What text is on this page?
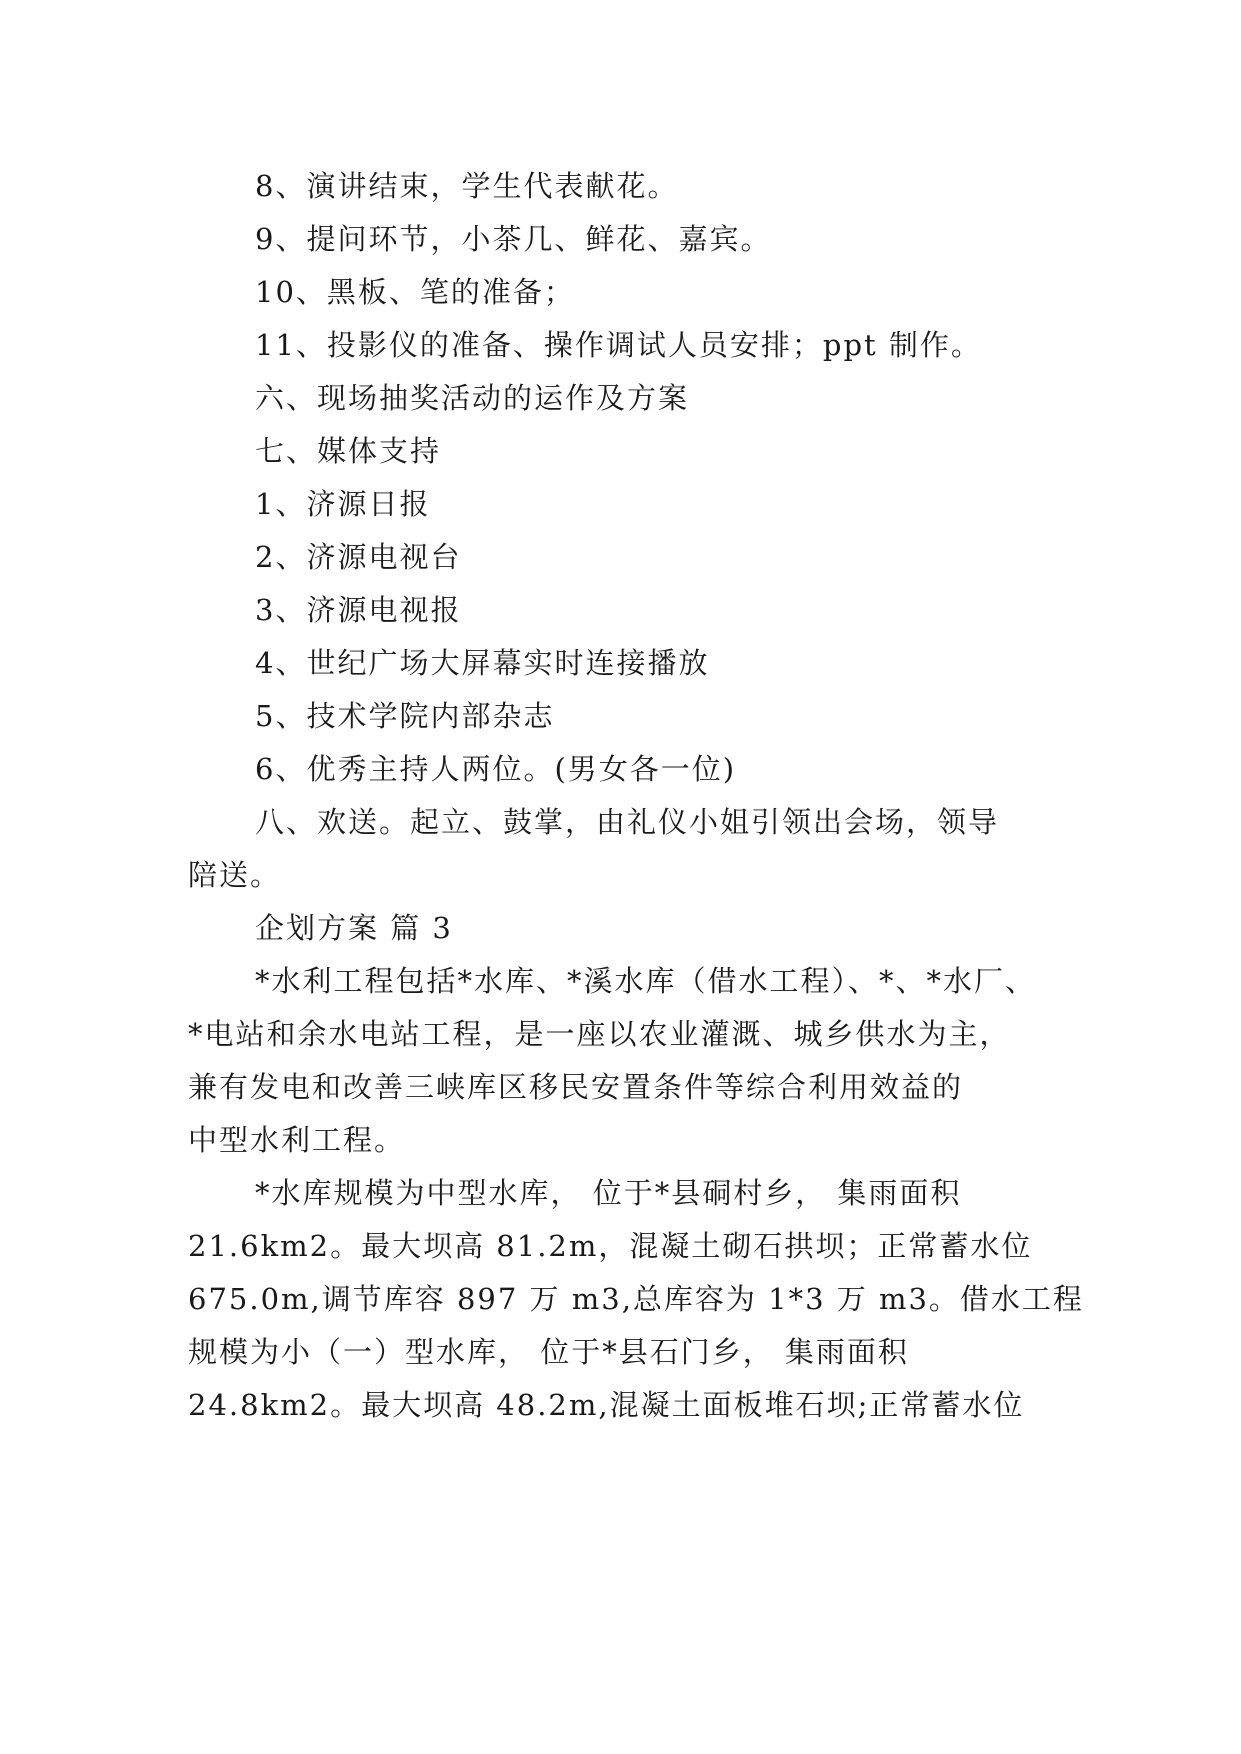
8、演讲结束，学生代表献花。
9、提问环节，小茶几、鲜花、嘉宾。
10、黑板、笔的准备；
11、投影仪的准备、操作调试人员安排；ppt 制作。
六、现场抽奖活动的运作及方案
七、媒体支持
1、济源日报
2、济源电视台
3、济源电视报
4、世纪广场大屏幕实时连接播放
5、技术学院内部杂志
6、优秀主持人两位。(男女各一位)
八、欢送。起立、鼓掌，由礼仪小姐引领出会场，领导
陪送。
企划方案 篇 3
*水利工程包括*水库、*溪水库（借水工程）、*、*水厂、
*电站和余水电站工程，是一座以农业灌溉、城乡供水为主，
兼有发电和改善三峡库区移民安置条件等综合利用效益的
中型水利工程。
*水库规模为中型水库， 位于*县硐村乡， 集雨面积
21.6km2。最大坝高 81.2m，混凝土砌石拱坝；正常蓄水位
675.0m,调节库容 897 万 m3,总库容为 1*3 万 m3。借水工程
规模为小（一）型水库， 位于*县石门乡， 集雨面积
24.8km2。最大坝高 48.2m,混凝土面板堆石坝;正常蓄水位
